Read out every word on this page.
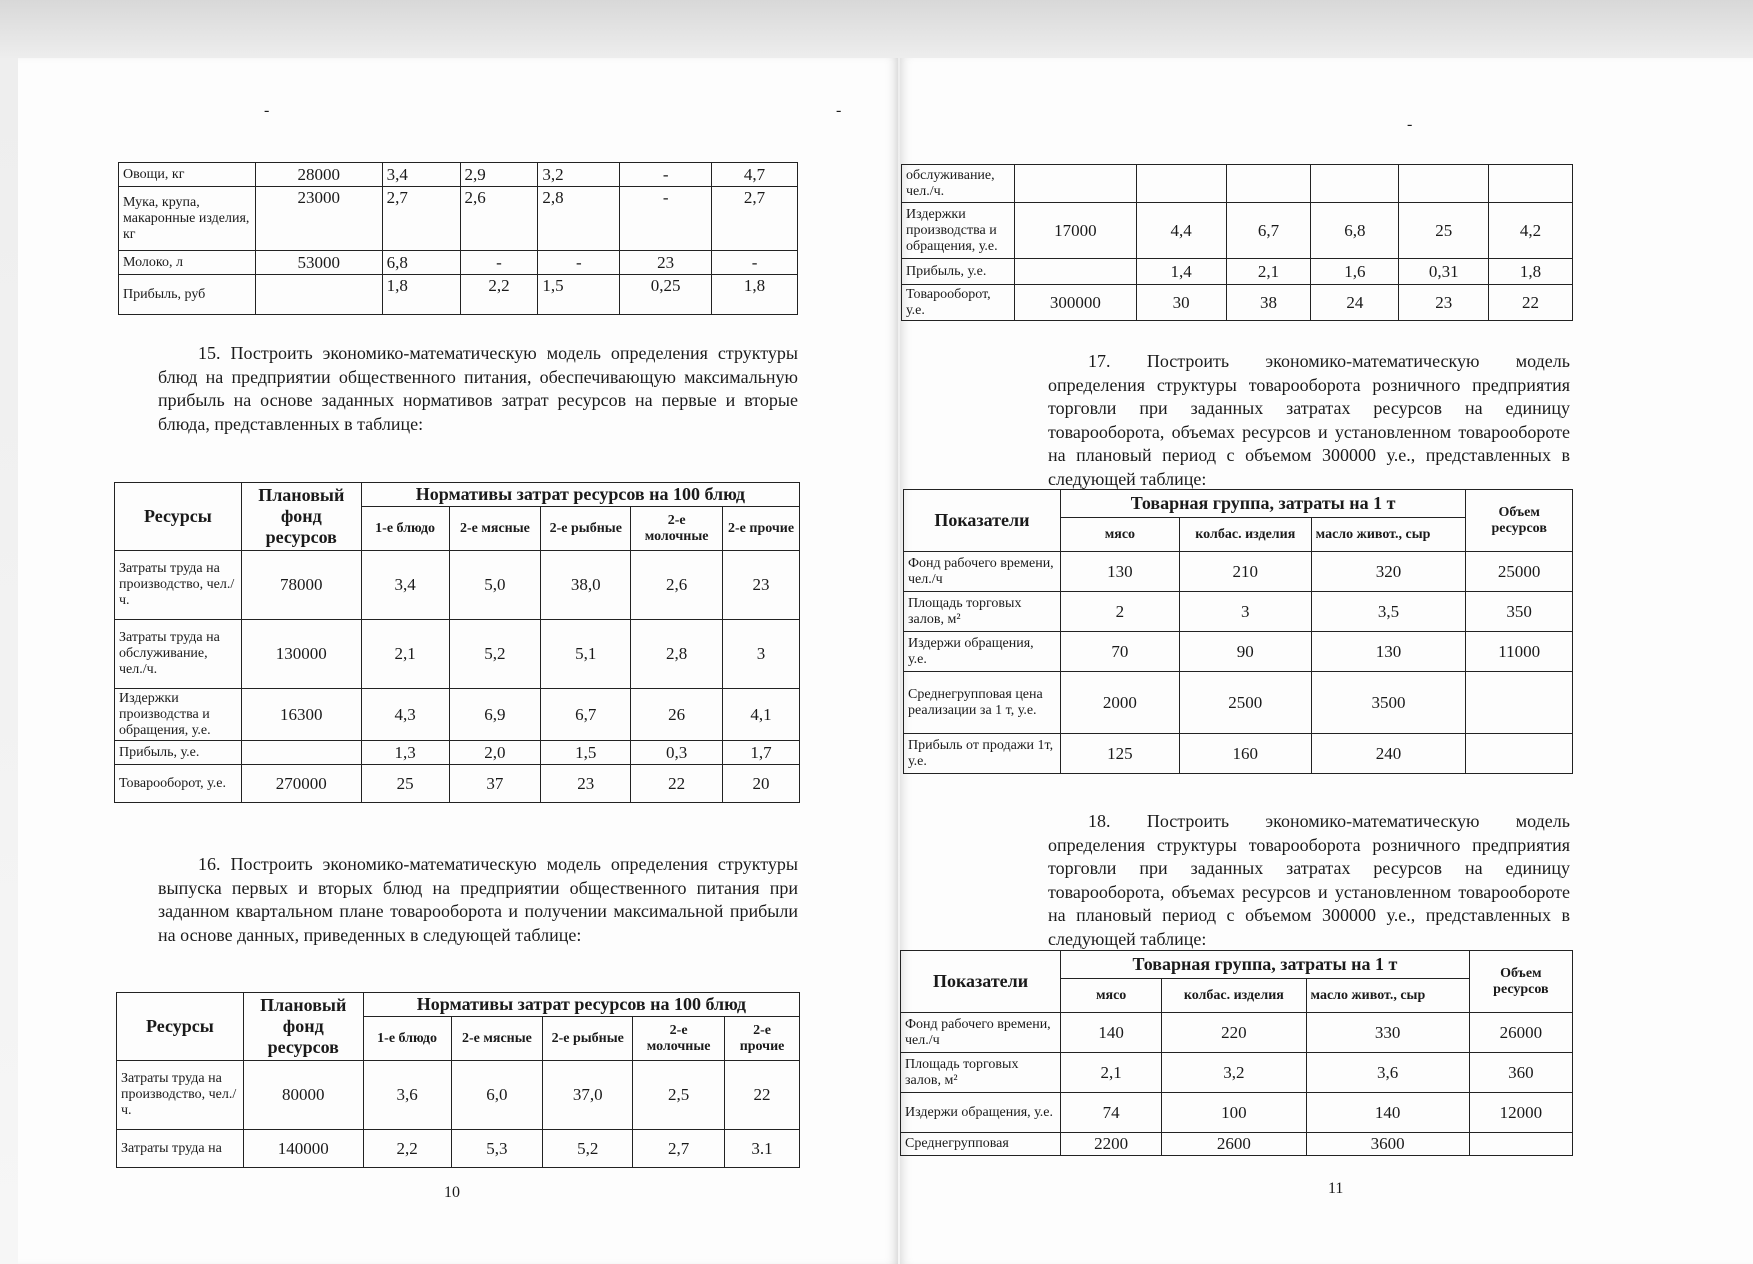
-	-
Овощи, кг	28000	3,4	2,9	3,2	-	4,7
Мука, крупа, макаронные изделия, кг	23000	2,7	2,6	2,8	-	2,7
Молоко, л	53000	6,8	-	-	23	-
Прибыль, руб		1,8	2,2	1,5	0,25	1,8

15. Построить экономико-математическую модель определения структуры блюд на предприятии общественного питания, обеспечивающую максимальную прибыль на основе заданных нормативов затрат ресурсов на первые и вторые блюда, представленных в таблице:

Ресурсы	Плановый фонд ресурсов	Нормативы затрат ресурсов на 100 блюд				
		1-е блюдо	2-е мясные	2-е рыбные	2-е молочные	2-е прочие
Затраты труда на производство, чел./ч.	78000	3,4	5,0	38,0	2,6	23
Затраты труда на обслуживание, чел./ч.	130000	2,1	5,2	5,1	2,8	3
Издержки производства и обращения, у.е.	16300	4,3	6,9	6,7	26	4,1
Прибыль, у.е.		1,3	2,0	1,5	0,3	1,7
Товарооборот, у.е.	270000	25	37	23	22	20

16. Построить экономико-математическую модель определения структуры выпуска первых и вторых блюд на предприятии общественного питания при заданном квартальном плане товарооборота и получении максимальной прибыли на основе данных, приведенных в следующей таблице:

Ресурсы	Плановый фонд ресурсов	Нормативы затрат ресурсов на 100 блюд				
		1-е блюдо	2-е мясные	2-е рыбные	2-е молочные	2-е прочие
Затраты труда на производство, чел./ч.	80000	3,6	6,0	37,0	2,5	22
Затраты труда на	140000	2,2	5,3	5,2	2,7	3.1
10
-
обслуживание, чел./ч.						
Издержки производства и обращения, у.е.	17000	4,4	6,7	6,8	25	4,2
Прибыль, у.е.		1,4	2,1	1,6	0,31	1,8
Товарооборот, у.е.	300000	30	38	24	23	22

17. Построить экономико-математическую модель определения структуры товарооборота розничного предприятия торговли при заданных затратах ресурсов на единицу товарооборота, объемах ресурсов и установленном товарообороте на плановый период с объемом 300000 у.е., представленных в следующей таблице:

Показатели	Товарная группа, затраты на 1 т			Объем ресурсов
	мясо	колбас. изделия	масло живот., сыр	
Фонд рабочего времени, чел./ч	130	210	320	25000
Площадь торговых залов, м²	2	3	3,5	350
Издержи обращения, у.е.	70	90	130	11000
Среднегрупповая цена реализации за 1 т, у.е.	2000	2500	3500	
Прибыль от продажи 1т, у.е.	125	160	240	

18. Построить экономико-математическую модель определения структуры товарооборота розничного предприятия торговли при заданных затратах ресурсов на единицу товарооборота, объемах ресурсов и установленном товарообороте на плановый период с объемом 300000 у.е., представленных в следующей таблице:

Показатели	Товарная группа, затраты на 1 т			Объем ресурсов
	мясо	колбас. изделия	масло живот., сыр	
Фонд рабочего времени, чел./ч	140	220	330	26000
Площадь торговых залов, м²	2,1	3,2	3,6	360
Издержи обращения, у.е.	74	100	140	12000
Среднегрупповая	2200	2600	3600	
11
